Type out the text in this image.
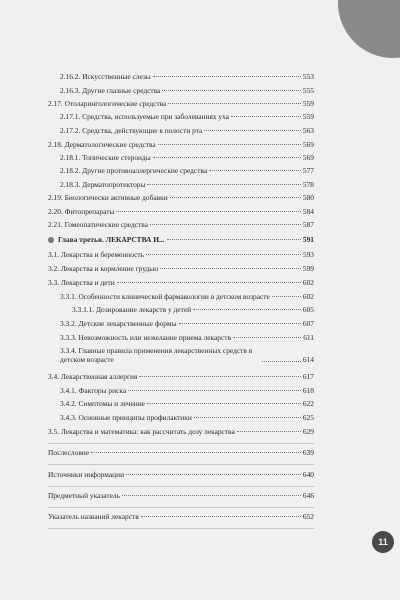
2.16.2. Искусственные слезы	553
2.16.3. Другие глазные средства	555
2.17. Отоларингологические средства	559
2.17.1. Средства, используемые при заболеваниях уха	559
2.17.2. Средства, действующие в полости рта	563
2.18. Дерматологические средства	569
2.18.1. Топические стероиды	569
2.18.2. Другие противоаллергические средства	577
2.18.3. Дерматопротекторы	578
2.19. Биологически активные добавки	580
2.20. Фитопрепараты	584
2.21. Гомеопатические средства	587
Глава третья. ЛЕКАРСТВА И...	591
3.1. Лекарства и беременность	593
3.2. Лекарства и кормление грудью	599
3.3. Лекарства и дети	602
3.3.1. Особенности клинической фармакологии в детском возрасте	602
3.3.1.1. Дозирование лекарств у детей	605
3.3.2. Детские лекарственные формы	607
3.3.3. Невозможность или нежелание приема лекарств	611
3.3.4. Главные правила применения лекарственных средств в детском возрасте	614
3.4. Лекарственная аллергия	617
3.4.1. Факторы риска	618
3.4.2. Симптомы и лечение	622
3.4.3. Основные принципы профилактики	625
3.5. Лекарства и математика: как рассчитать дозу лекарства	629
Послесловие	639
Источники информации	640
Предметный указатель	646
Указатель названий лекарств	652
11
